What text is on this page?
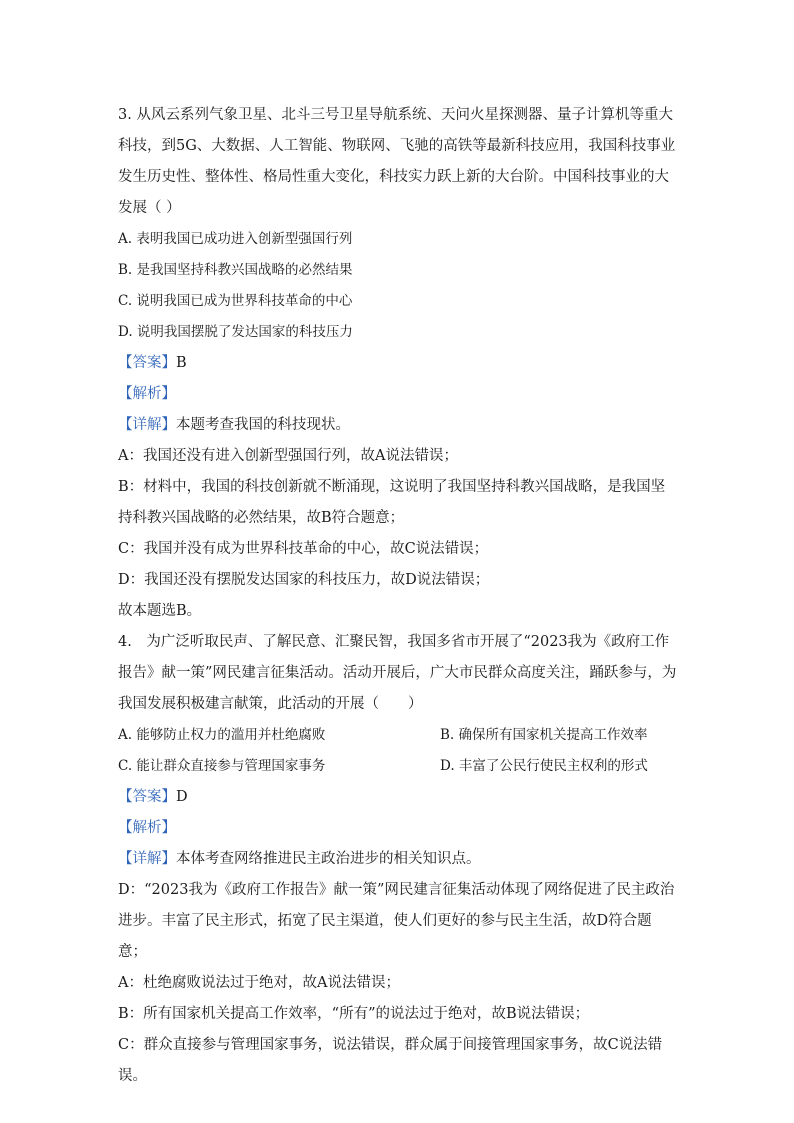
3. 从风云系列气象卫星、北斗三号卫星导航系统、天问火星探测器、量子计算机等重大科技，到5G、大数据、人工智能、物联网、飞驰的高铁等最新科技应用，我国科技事业发生历史性、整体性、格局性重大变化，科技实力跃上新的大台阶。中国科技事业的大发展（ ）

A. 表明我国已成功进入创新型强国行列

B. 是我国坚持科教兴国战略的必然结果

C. 说明我国已成为世界科技革命的中心

D. 说明我国摆脱了发达国家的科技压力

【答案】B

【解析】

【详解】本题考查我国的科技现状。

A：我国还没有进入创新型强国行列，故A说法错误；

B：材料中，我国的科技创新就不断涌现，这说明了我国坚持科教兴国战略，是我国坚持科教兴国战略的必然结果，故B符合题意；

C：我国并没有成为世界科技革命的中心，故C说法错误；

D：我国还没有摆脱发达国家的科技压力，故D说法错误；

故本题选B。

4.　为广泛听取民声、了解民意、汇聚民智，我国多省市开展了“2023我为《政府工作报告》献一策”网民建言征集活动。活动开展后，广大市民群众高度关注，踊跃参与，为我国发展积极建言献策，此活动的开展（　　）

A. 能够防止权力的滥用并杜绝腐败	B. 确保所有国家机关提高工作效率
C. 能让群众直接参与管理国家事务	D. 丰富了公民行使民主权利的形式

【答案】D

【解析】

【详解】本体考查网络推进民主政治进步的相关知识点。

D：“2023我为《政府工作报告》献一策”网民建言征集活动体现了网络促进了民主政治进步。丰富了民主形式，拓宽了民主渠道，使人们更好的参与民主生活，故D符合题意；

A：杜绝腐败说法过于绝对，故A说法错误；

B：所有国家机关提高工作效率，“所有”的说法过于绝对，故B说法错误；

C：群众直接参与管理国家事务，说法错误，群众属于间接管理国家事务，故C说法错误。
